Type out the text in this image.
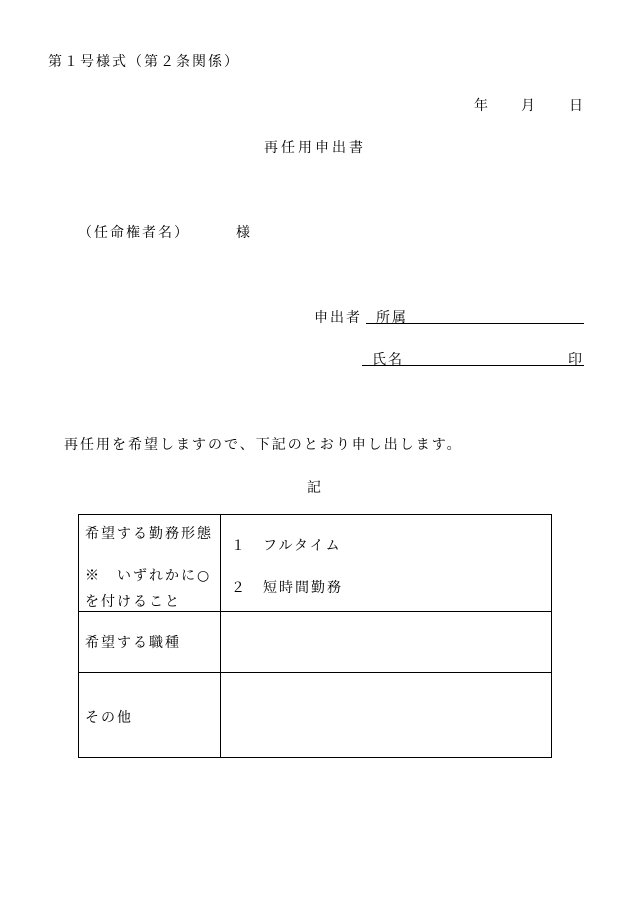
第１号様式（第２条関係）
年 月 日
再任用申出書
（任命権者名）	様
申出者 所属
氏名	印
再任用を希望しますので、下記のとおり申し出します。
記
希望する勤務形態
※　いずれかに○
を付けること	１　フルタイム
２　短時間勤務

希望する職種	

その他	
